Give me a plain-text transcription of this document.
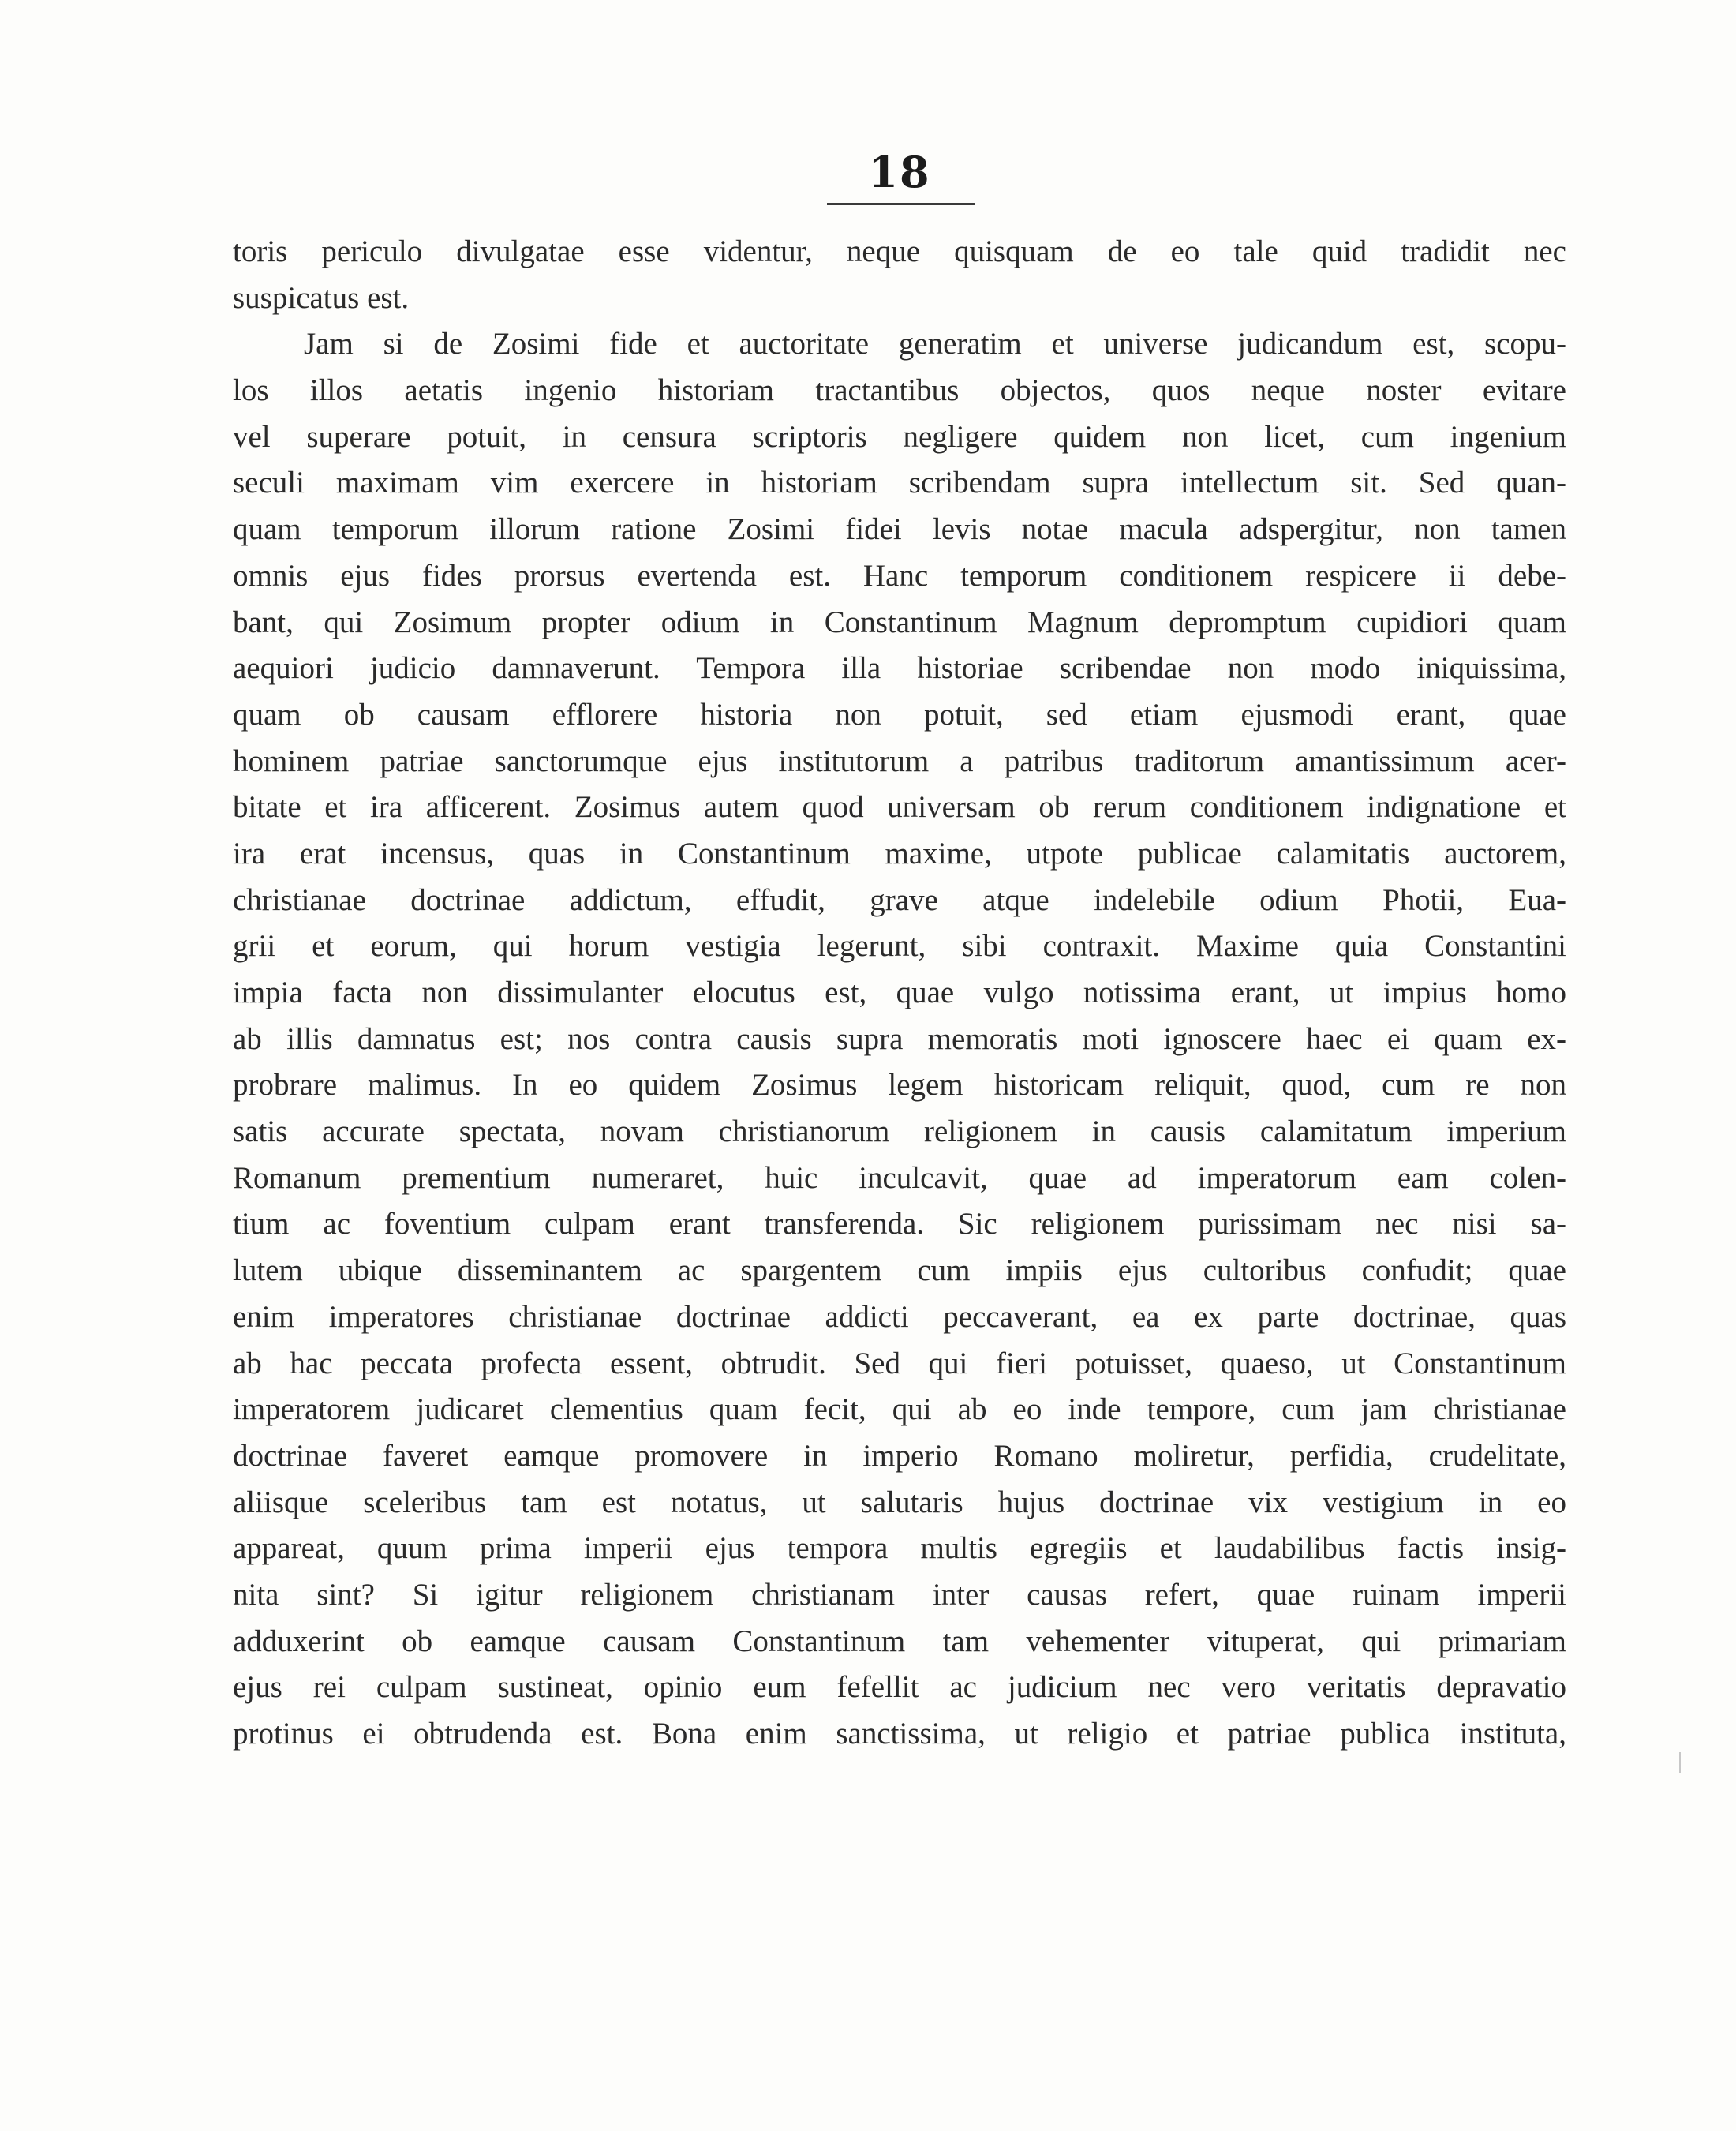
18
toris periculo divulgatae esse videntur, neque quisquam de eo tale quid tradidit nec
suspicatus est.
Jam si de Zosimi fide et auctoritate generatim et universe judicandum est, scopu-
los illos aetatis ingenio historiam tractantibus objectos, quos neque noster evitare
vel superare potuit, in censura scriptoris negligere quidem non licet, cum ingenium
seculi maximam vim exercere in historiam scribendam supra intellectum sit. Sed quan-
quam temporum illorum ratione Zosimi fidei levis notae macula adspergitur, non tamen
omnis ejus fides prorsus evertenda est. Hanc temporum conditionem respicere ii debe-
bant, qui Zosimum propter odium in Constantinum Magnum depromptum cupidiori quam
aequiori judicio damnaverunt. Tempora illa historiae scribendae non modo iniquissima,
quam ob causam efflorere historia non potuit, sed etiam ejusmodi erant, quae
hominem patriae sanctorumque ejus institutorum a patribus traditorum amantissimum acer-
bitate et ira afficerent. Zosimus autem quod universam ob rerum conditionem indignatione et
ira erat incensus, quas in Constantinum maxime, utpote publicae calamitatis auctorem,
christianae doctrinae addictum, effudit, grave atque indelebile odium Photii, Eua-
grii et eorum, qui horum vestigia legerunt, sibi contraxit. Maxime quia Constantini
impia facta non dissimulanter elocutus est, quae vulgo notissima erant, ut impius homo
ab illis damnatus est; nos contra causis supra memoratis moti ignoscere haec ei quam ex-
probrare malimus. In eo quidem Zosimus legem historicam reliquit, quod, cum re non
satis accurate spectata, novam christianorum religionem in causis calamitatum imperium
Romanum prementium numeraret, huic inculcavit, quae ad imperatorum eam colen-
tium ac foventium culpam erant transferenda. Sic religionem purissimam nec nisi sa-
lutem ubique disseminantem ac spargentem cum impiis ejus cultoribus confudit; quae
enim imperatores christianae doctrinae addicti peccaverant, ea ex parte doctrinae, quas
ab hac peccata profecta essent, obtrudit. Sed qui fieri potuisset, quaeso, ut Constantinum
imperatorem judicaret clementius quam fecit, qui ab eo inde tempore, cum jam christianae
doctrinae faveret eamque promovere in imperio Romano moliretur, perfidia, crudelitate,
aliisque sceleribus tam est notatus, ut salutaris hujus doctrinae vix vestigium in eo
appareat, quum prima imperii ejus tempora multis egregiis et laudabilibus factis insig-
nita sint? Si igitur religionem christianam inter causas refert, quae ruinam imperii
adduxerint ob eamque causam Constantinum tam vehementer vituperat, qui primariam
ejus rei culpam sustineat, opinio eum fefellit ac judicium nec vero veritatis depravatio
protinus ei obtrudenda est. Bona enim sanctissima, ut religio et patriae publica instituta,
